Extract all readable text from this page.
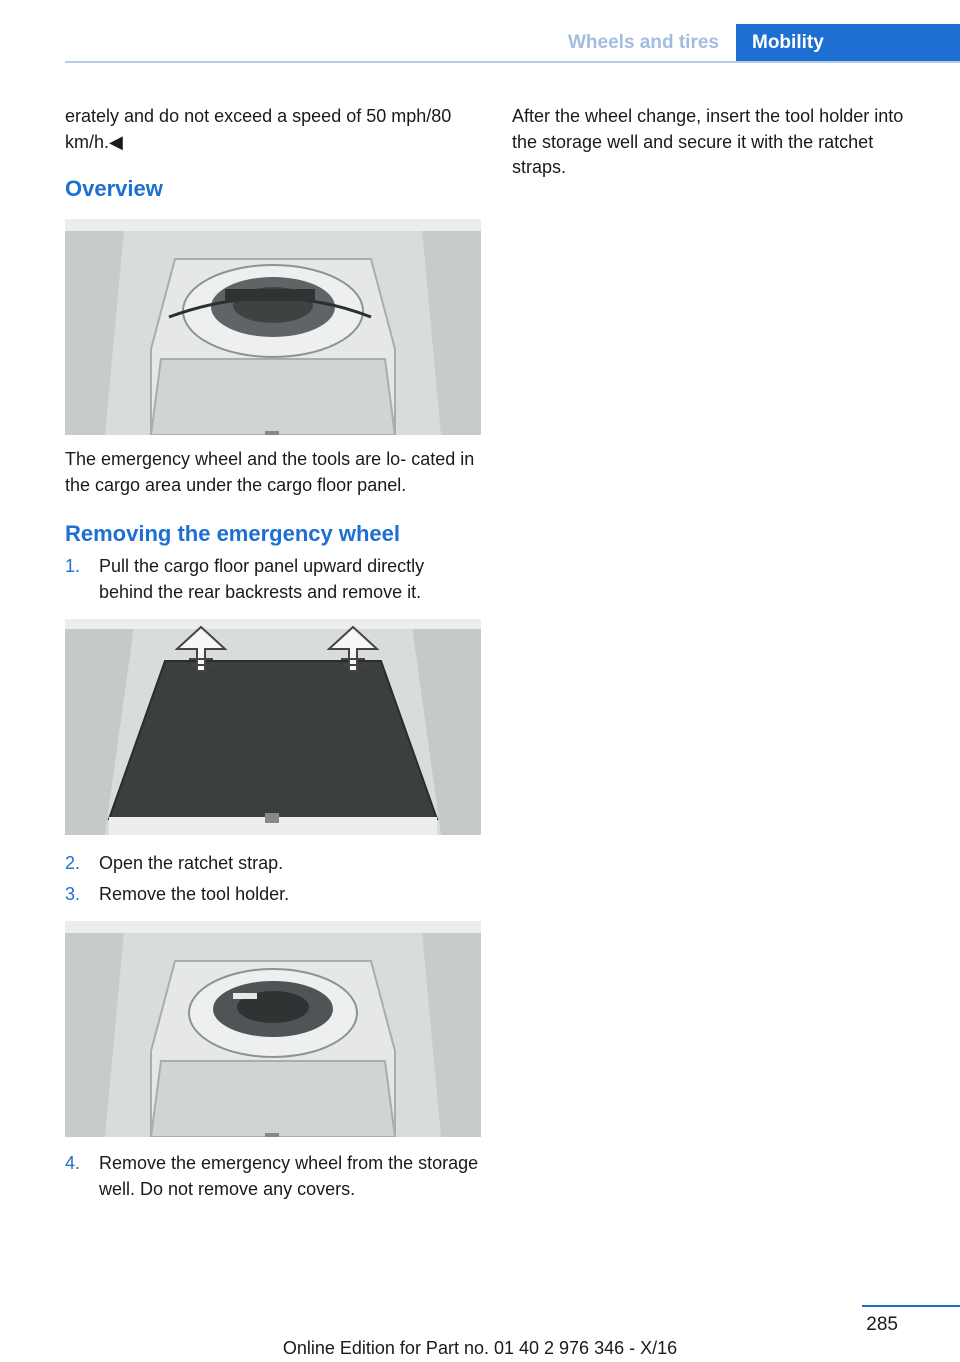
Wheels and tires	Mobility

erately and do not exceed a speed of 50 mph/80 km/h.◀

Overview

The emergency wheel and the tools are lo‐ cated in the cargo area under the cargo floor panel.

Removing the emergency wheel
1. Pull the cargo floor panel upward directly behind the rear backrests and remove it.
2. Open the ratchet strap.
3. Remove the tool holder.
4. Remove the emergency wheel from the storage well. Do not remove any covers.

After the wheel change, insert the tool holder into the storage well and secure it with the ratchet straps.

285
Online Edition for Part no. 01 40 2 976 346 - X/16
